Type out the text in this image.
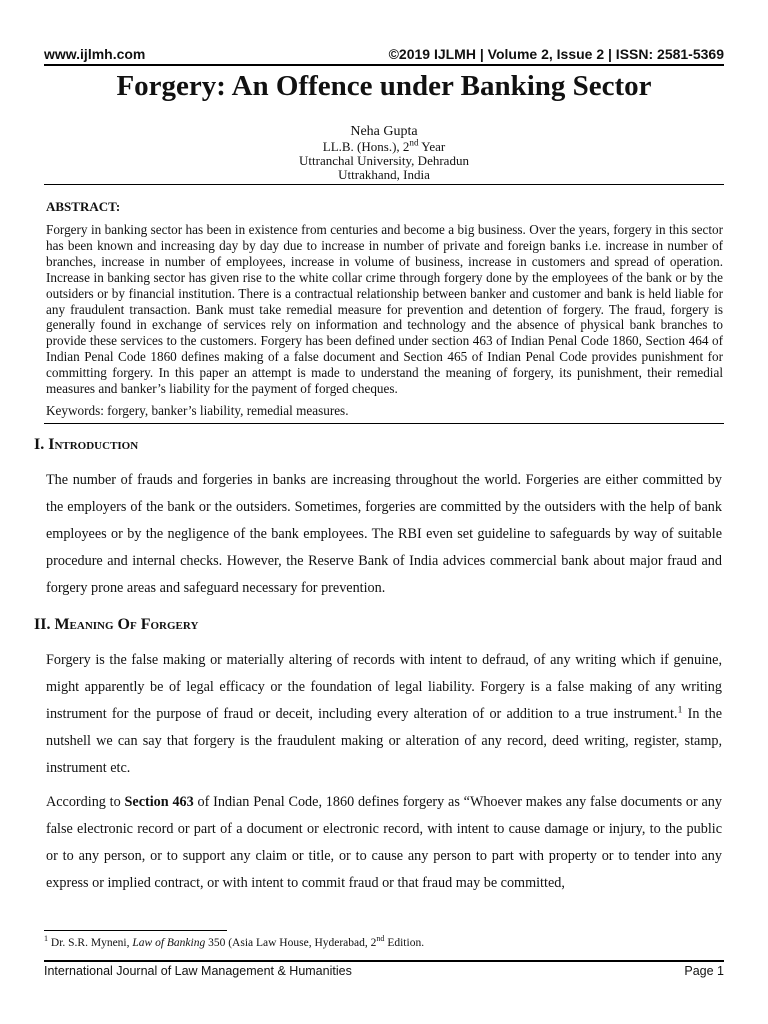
www.ijlmh.com	©2019 IJLMH | Volume 2, Issue 2 | ISSN: 2581-5369
Forgery: An Offence under Banking Sector
Neha Gupta
LL.B. (Hons.), 2nd Year
Uttranchal University, Dehradun
Uttrakhand, India
ABSTRACT:

Forgery in banking sector has been in existence from centuries and become a big business. Over the years, forgery in this sector has been known and increasing day by day due to increase in number of private and foreign banks i.e. increase in number of branches, increase in number of employees, increase in volume of business, increase in customers and spread of operation. Increase in banking sector has given rise to the white collar crime through forgery done by the employees of the bank or by the outsiders or by financial institution. There is a contractual relationship between banker and customer and bank is held liable for any fraudulent transaction. Bank must take remedial measure for prevention and detention of forgery. The fraud, forgery is generally found in exchange of services rely on information and technology and the absence of physical bank branches to provide these services to the customers. Forgery has been defined under section 463 of Indian Penal Code 1860, Section 464 of Indian Penal Code 1860 defines making of a false document and Section 465 of Indian Penal Code provides punishment for committing forgery. In this paper an attempt is made to understand the meaning of forgery, its punishment, their remedial measures and banker’s liability for the payment of forged cheques.

Keywords: forgery, banker’s liability, remedial measures.
I. Introduction

The number of frauds and forgeries in banks are increasing throughout the world. Forgeries are either committed by the employers of the bank or the outsiders. Sometimes, forgeries are committed by the outsiders with the help of bank employees or by the negligence of the bank employees. The RBI even set guideline to safeguards by way of suitable procedure and internal checks. However, the Reserve Bank of India advices commercial bank about major fraud and forgery prone areas and safeguard necessary for prevention.

II. Meaning Of Forgery

Forgery is the false making or materially altering of records with intent to defraud, of any writing which if genuine, might apparently be of legal efficacy or the foundation of legal liability. Forgery is a false making of any writing instrument for the purpose of fraud or deceit, including every alteration of or addition to a true instrument.$^1$ In the nutshell we can say that forgery is the fraudulent making or alteration of any record, deed writing, register, stamp, instrument etc.

According to Section 463 of Indian Penal Code, 1860 defines forgery as “Whoever makes any false documents or any false electronic record or part of a document or electronic record, with intent to cause damage or injury, to the public or to any person, or to support any claim or title, or to cause any person to part with property or to tender into any express or implied contract, or with intent to commit fraud or that fraud may be committed,

$^1$ Dr. S.R. Myneni, Law of Banking 350 (Asia Law House, Hyderabad, 2nd Edition.
International Journal of Law Management & Humanities	Page 1
